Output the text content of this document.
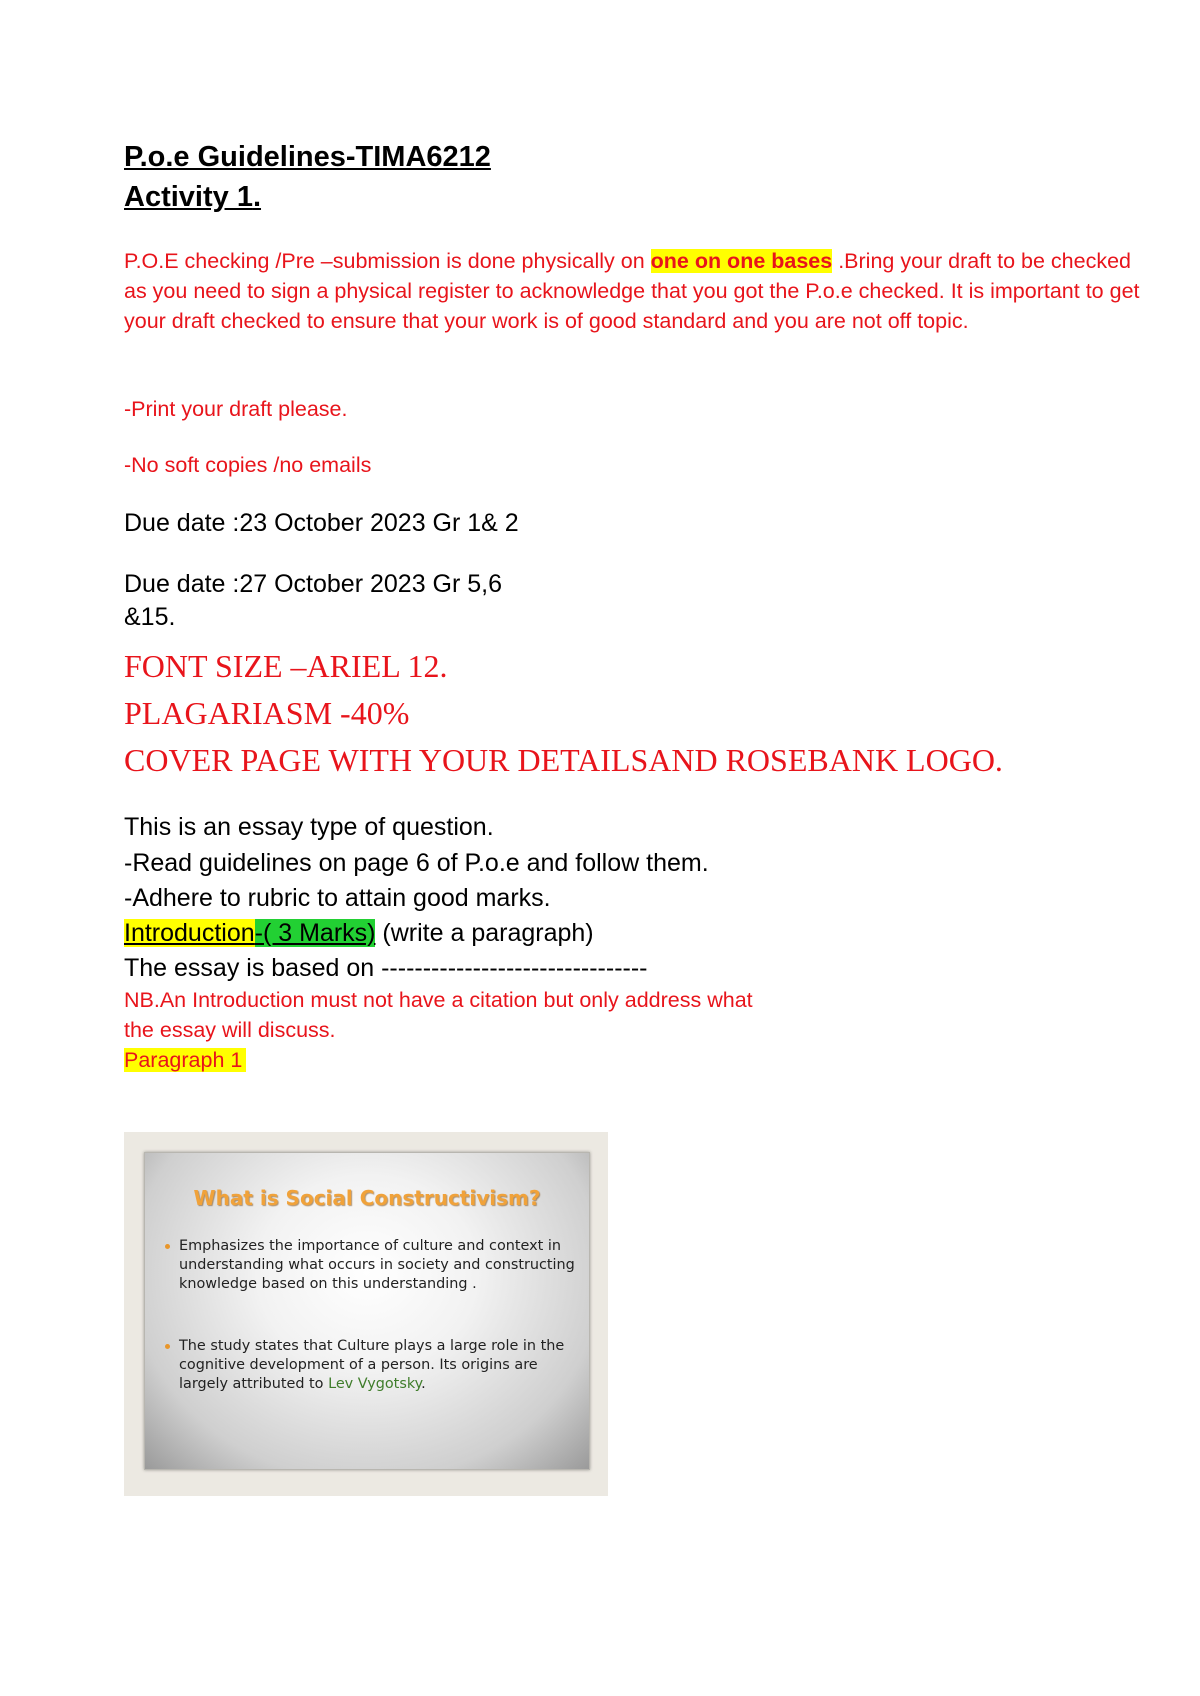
P.o.e Guidelines-TIMA6212
Activity 1.
P.O.E checking /Pre –submission is done physically on one on one bases .Bring your draft to be checked as you need to sign a physical register to acknowledge that you got the P.o.e checked. It is important to get your draft checked to ensure that your work is of good standard and you are not off topic.
-Print your draft please.
-No soft copies /no emails
Due date :23 October 2023 Gr 1& 2
Due date :27 October 2023 Gr 5,6
&15.
FONT SIZE –ARIEL 12.
PLAGARIASM -40%
COVER PAGE WITH YOUR DETAILSAND ROSEBANK LOGO.
This is an essay type of question.
-Read guidelines on page 6 of P.o.e and follow them.
-Adhere to rubric to attain good marks.
Introduction-( 3 Marks) (write a paragraph)
The essay is based on --------------------------------
NB.An Introduction must not have a citation but only address what
the essay will discuss.
Paragraph 1
What is Social Constructivism?
Emphasizes the importance of culture and context in understanding what occurs in society and constructing knowledge based on this understanding .
The study states that Culture plays a large role in the cognitive development of a person. Its origins are largely attributed to Lev Vygotsky.
